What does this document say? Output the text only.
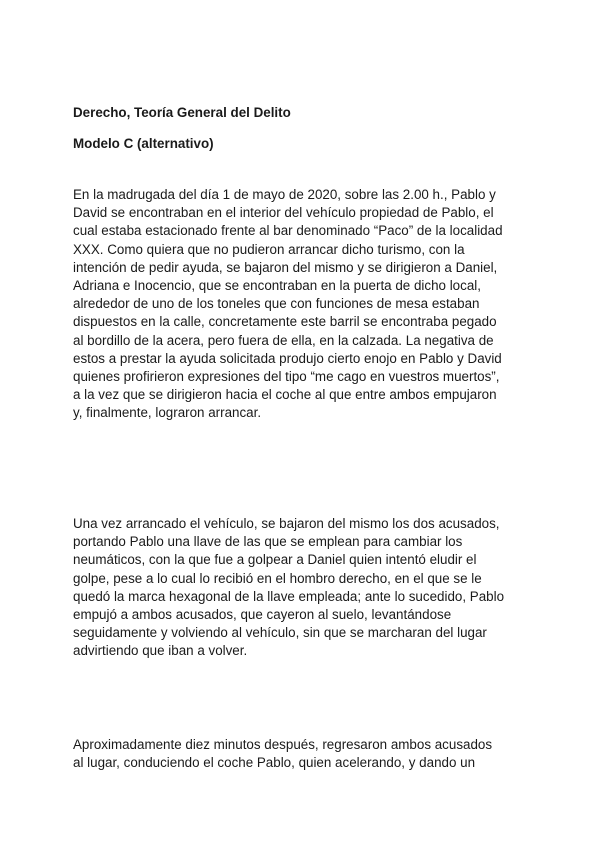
Derecho, Teoría General del Delito
Modelo C (alternativo)

En la madrugada del día 1 de mayo de 2020, sobre las 2.00 h., Pablo y
David se encontraban en el interior del vehículo propiedad de Pablo, el
cual estaba estacionado frente al bar denominado “Paco” de la localidad
XXX. Como quiera que no pudieron arrancar dicho turismo, con la
intención de pedir ayuda, se bajaron del mismo y se dirigieron a Daniel,
Adriana e Inocencio, que se encontraban en la puerta de dicho local,
alrededor de uno de los toneles que con funciones de mesa estaban
dispuestos en la calle, concretamente este barril se encontraba pegado
al bordillo de la acera, pero fuera de ella, en la calzada. La negativa de
estos a prestar la ayuda solicitada produjo cierto enojo en Pablo y David
quienes profirieron expresiones del tipo “me cago en vuestros muertos”,
a la vez que se dirigieron hacia el coche al que entre ambos empujaron
y, finalmente, lograron arrancar.

Una vez arrancado el vehículo, se bajaron del mismo los dos acusados,
portando Pablo una llave de las que se emplean para cambiar los
neumáticos, con la que fue a golpear a Daniel quien intentó eludir el
golpe, pese a lo cual lo recibió en el hombro derecho, en el que se le
quedó la marca hexagonal de la llave empleada; ante lo sucedido, Pablo
empujó a ambos acusados, que cayeron al suelo, levantándose
seguidamente y volviendo al vehículo, sin que se marcharan del lugar
advirtiendo que iban a volver.

Aproximadamente diez minutos después, regresaron ambos acusados
al lugar, conduciendo el coche Pablo, quien acelerando, y dando un
